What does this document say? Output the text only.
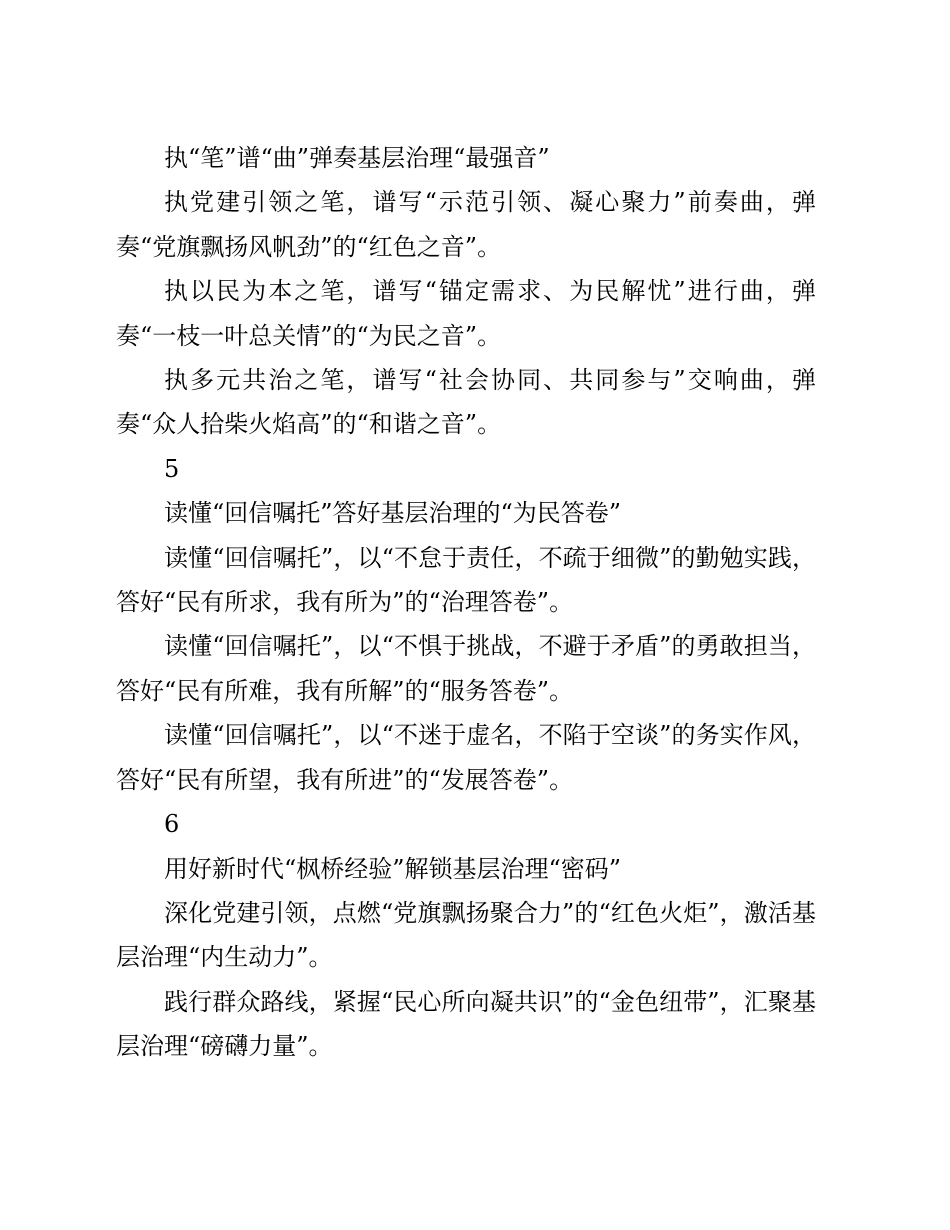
执“笔”谱“曲”弹奏基层治理“最强音”

执党建引领之笔，谱写“示范引领、凝心聚力”前奏曲，弹奏“党旗飘扬风帆劲”的“红色之音”。

执以民为本之笔，谱写“锚定需求、为民解忧”进行曲，弹奏“一枝一叶总关情”的“为民之音”。

执多元共治之笔，谱写“社会协同、共同参与”交响曲，弹奏“众人拾柴火焰高”的“和谐之音”。

5

读懂“回信嘱托”答好基层治理的“为民答卷”

读懂“回信嘱托”，以“不怠于责任，不疏于细微”的勤勉实践，答好“民有所求，我有所为”的“治理答卷”。

读懂“回信嘱托”，以“不惧于挑战，不避于矛盾”的勇敢担当，答好“民有所难，我有所解”的“服务答卷”。

读懂“回信嘱托”，以“不迷于虚名，不陷于空谈”的务实作风，答好“民有所望，我有所进”的“发展答卷”。

6

用好新时代“枫桥经验”解锁基层治理“密码”

深化党建引领，点燃“党旗飘扬聚合力”的“红色火炬”，激活基层治理“内生动力”。

践行群众路线，紧握“民心所向凝共识”的“金色纽带”，汇聚基层治理“磅礴力量”。
